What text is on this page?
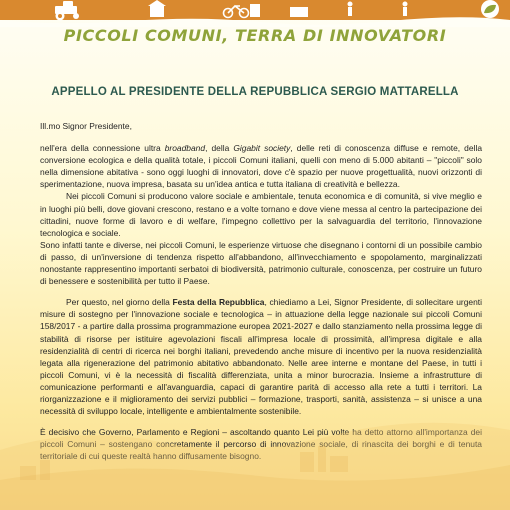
PICCOLI COMUNI, TERRA DI INNOVATORI
APPELLO AL PRESIDENTE DELLA REPUBBLICA SERGIO MATTARELLA

Ill.mo Signor Presidente,

nell'era della connessione ultra broadband, della Gigabit society, delle reti di conoscenza diffuse e remote, della conversione ecologica e della qualità totale, i piccoli Comuni italiani, quelli con meno di 5.000 abitanti – "piccoli" solo nella dimensione abitativa - sono oggi luoghi di innovatori, dove c'è spazio per nuove progettualità, nuovi orizzonti di sperimentazione, nuova impresa, basata su un'idea antica e tutta italiana di creatività e bellezza.

Nei piccoli Comuni si producono valore sociale e ambientale, tenuta economica e di comunità, si vive meglio e in luoghi più belli, dove giovani crescono, restano e a volte tornano e dove viene messa al centro la partecipazione dei cittadini, nuove forme di lavoro e di welfare, l'impegno collettivo per la salvaguardia del territorio, l'innovazione tecnologica e sociale.

Sono infatti tante e diverse, nei piccoli Comuni, le esperienze virtuose che disegnano i contorni di un possibile cambio di passo, di un'inversione di tendenza rispetto all'abbandono, all'invecchiamento e spopolamento, marginalizzati nonostante rappresentino importanti serbatoi di biodiversità, patrimonio culturale, conoscenza, per costruire un futuro di benessere e sostenibilità per tutto il Paese.

Per questo, nel giorno della Festa della Repubblica, chiediamo a Lei, Signor Presidente, di sollecitare urgenti misure di sostegno per l'innovazione sociale e tecnologica – in attuazione della legge nazionale sui piccoli Comuni 158/2017 - a partire dalla prossima programmazione europea 2021-2027 e dallo stanziamento nella prossima legge di stabilità di risorse per istituire agevolazioni fiscali all'impresa locale di prossimità, all'impresa digitale e alla residenzialità di centri di ricerca nei borghi italiani, prevedendo anche misure di incentivo per la nuova residenzialità legata alla rigenerazione del patrimonio abitativo abbandonato. Nelle aree interne e montane del Paese, in tutti i piccoli Comuni, vi è la necessità di fiscalità differenziata, unita a minor burocrazia. Insieme a infrastrutture di comunicazione performanti e all'avanguardia, capaci di garantire parità di accesso alla rete a tutti i territori. La riorganizzazione e il miglioramento dei servizi pubblici – formazione, trasporti, sanità, assistenza – si unisce a una necessità di sviluppo locale, intelligente e ambientalmente sostenibile.

È decisivo che Governo, Parlamento e Regioni – ascoltando quanto Lei più volte ha detto attorno all'importanza dei piccoli Comuni – sostengano concretamente il percorso di innovazione sociale, di rinascita dei borghi e di tenuta territoriale di cui queste realtà hanno diffusamente bisogno.
